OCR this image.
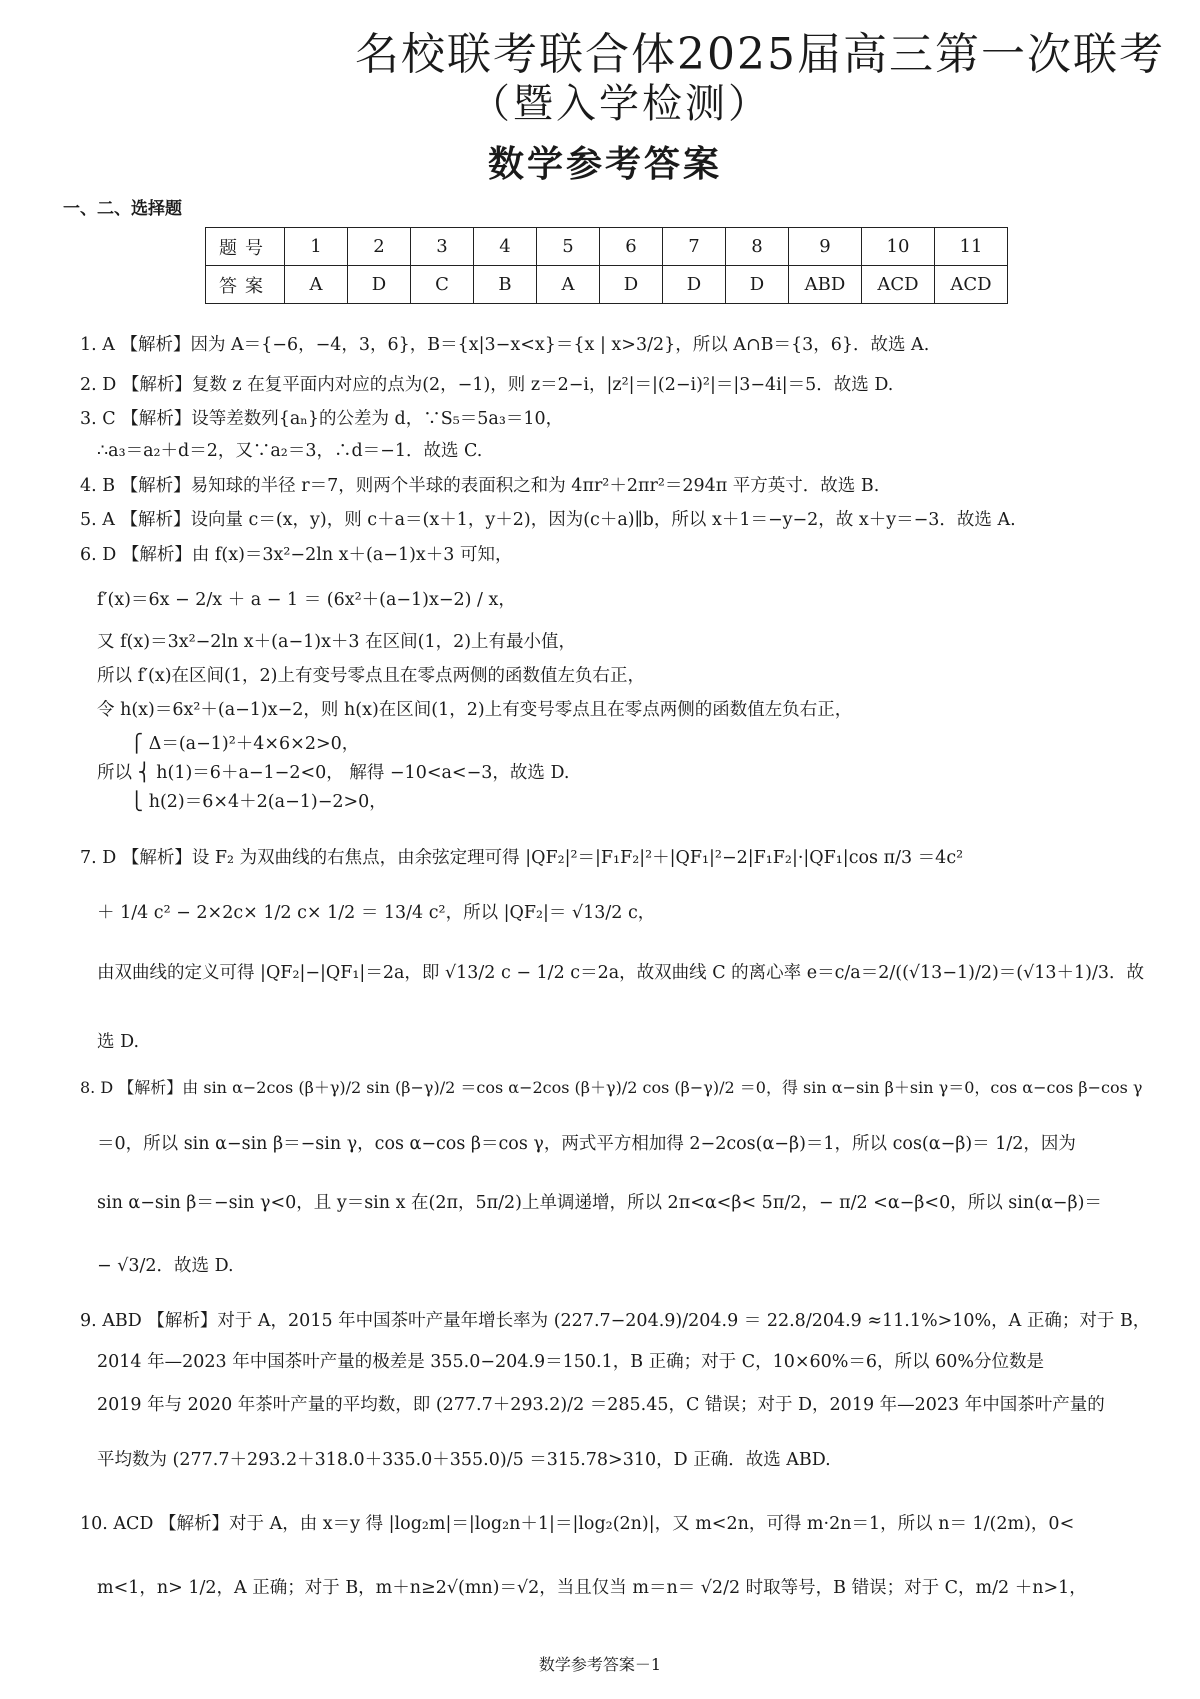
名校联考联合体2025届高三第一次联考
（暨入学检测）
数学参考答案
一、二、选择题
题号	1	2	3	4	5	6	7	8	9	10	11
答案	A	D	C	B	A	D	D	D	ABD	ACD	ACD
1. A 【解析】因为 A＝{−6，−4，3，6}，B＝{x|3−x<x}＝{x | x>3/2}，所以 A∩B＝{3，6}．故选 A.
2. D 【解析】复数 z 在复平面内对应的点为(2，−1)，则 z＝2−i，|z²|＝|(2−i)²|＝|3−4i|＝5．故选 D.
3. C 【解析】设等差数列{aₙ}的公差为 d，∵S₅＝5a₃＝10，
∴a₃＝a₂＋d＝2，又∵a₂＝3，∴d＝−1．故选 C.
4. B 【解析】易知球的半径 r＝7，则两个半球的表面积之和为 4πr²＋2πr²＝294π 平方英寸．故选 B.
5. A 【解析】设向量 c＝(x，y)，则 c＋a＝(x＋1，y＋2)，因为(c＋a)∥b，所以 x＋1＝−y−2，故 x＋y＝−3．故选 A.
6. D 【解析】由 f(x)＝3x²−2ln x＋(a−1)x＋3 可知，
f′(x)＝6x − 2/x ＋ a − 1 ＝ (6x²＋(a−1)x−2) / x，
又 f(x)＝3x²−2ln x＋(a−1)x＋3 在区间(1，2)上有最小值，
所以 f′(x)在区间(1，2)上有变号零点且在零点两侧的函数值左负右正，
令 h(x)＝6x²＋(a−1)x−2，则 h(x)在区间(1，2)上有变号零点且在零点两侧的函数值左负右正，
⎧ Δ＝(a−1)²＋4×6×2>0，
所以 ⎨ h(1)＝6＋a−1−2<0， 解得 −10<a<−3，故选 D.
⎩ h(2)＝6×4＋2(a−1)−2>0，
7. D 【解析】设 F₂ 为双曲线的右焦点，由余弦定理可得 |QF₂|²＝|F₁F₂|²＋|QF₁|²−2|F₁F₂|·|QF₁|cos π/3 ＝4c²
＋ 1/4 c² − 2×2c× 1/2 c× 1/2 ＝ 13/4 c²，所以 |QF₂|＝ √13/2 c，
由双曲线的定义可得 |QF₂|−|QF₁|＝2a，即 √13/2 c − 1/2 c＝2a，故双曲线 C 的离心率 e＝c/a＝2/((√13−1)/2)＝(√13＋1)/3．故
选 D.
8. D 【解析】由 sin α−2cos (β＋γ)/2 sin (β−γ)/2 ＝cos α−2cos (β＋γ)/2 cos (β−γ)/2 ＝0，得 sin α−sin β＋sin γ＝0，cos α−cos β−cos γ
＝0，所以 sin α−sin β＝−sin γ，cos α−cos β＝cos γ，两式平方相加得 2−2cos(α−β)＝1，所以 cos(α−β)＝ 1/2，因为
sin α−sin β＝−sin γ<0，且 y＝sin x 在(2π，5π/2)上单调递增，所以 2π<α<β< 5π/2，− π/2 <α−β<0，所以 sin(α−β)＝
− √3/2．故选 D.
9. ABD 【解析】对于 A，2015 年中国茶叶产量年增长率为 (227.7−204.9)/204.9 ＝ 22.8/204.9 ≈11.1%>10%，A 正确；对于 B，
2014 年—2023 年中国茶叶产量的极差是 355.0−204.9＝150.1，B 正确；对于 C，10×60%＝6，所以 60%分位数是
2019 年与 2020 年茶叶产量的平均数，即 (277.7＋293.2)/2 ＝285.45，C 错误；对于 D，2019 年—2023 年中国茶叶产量的
平均数为 (277.7＋293.2＋318.0＋335.0＋355.0)/5 ＝315.78>310，D 正确．故选 ABD.
10. ACD 【解析】对于 A，由 x＝y 得 |log₂m|＝|log₂n＋1|＝|log₂(2n)|，又 m<2n，可得 m·2n＝1，所以 n＝ 1/(2m)，0<
m<1，n> 1/2，A 正确；对于 B，m＋n≥2√(mn)＝√2，当且仅当 m＝n＝ √2/2 时取等号，B 错误；对于 C，m/2 ＋n>1，
数学参考答案－1
